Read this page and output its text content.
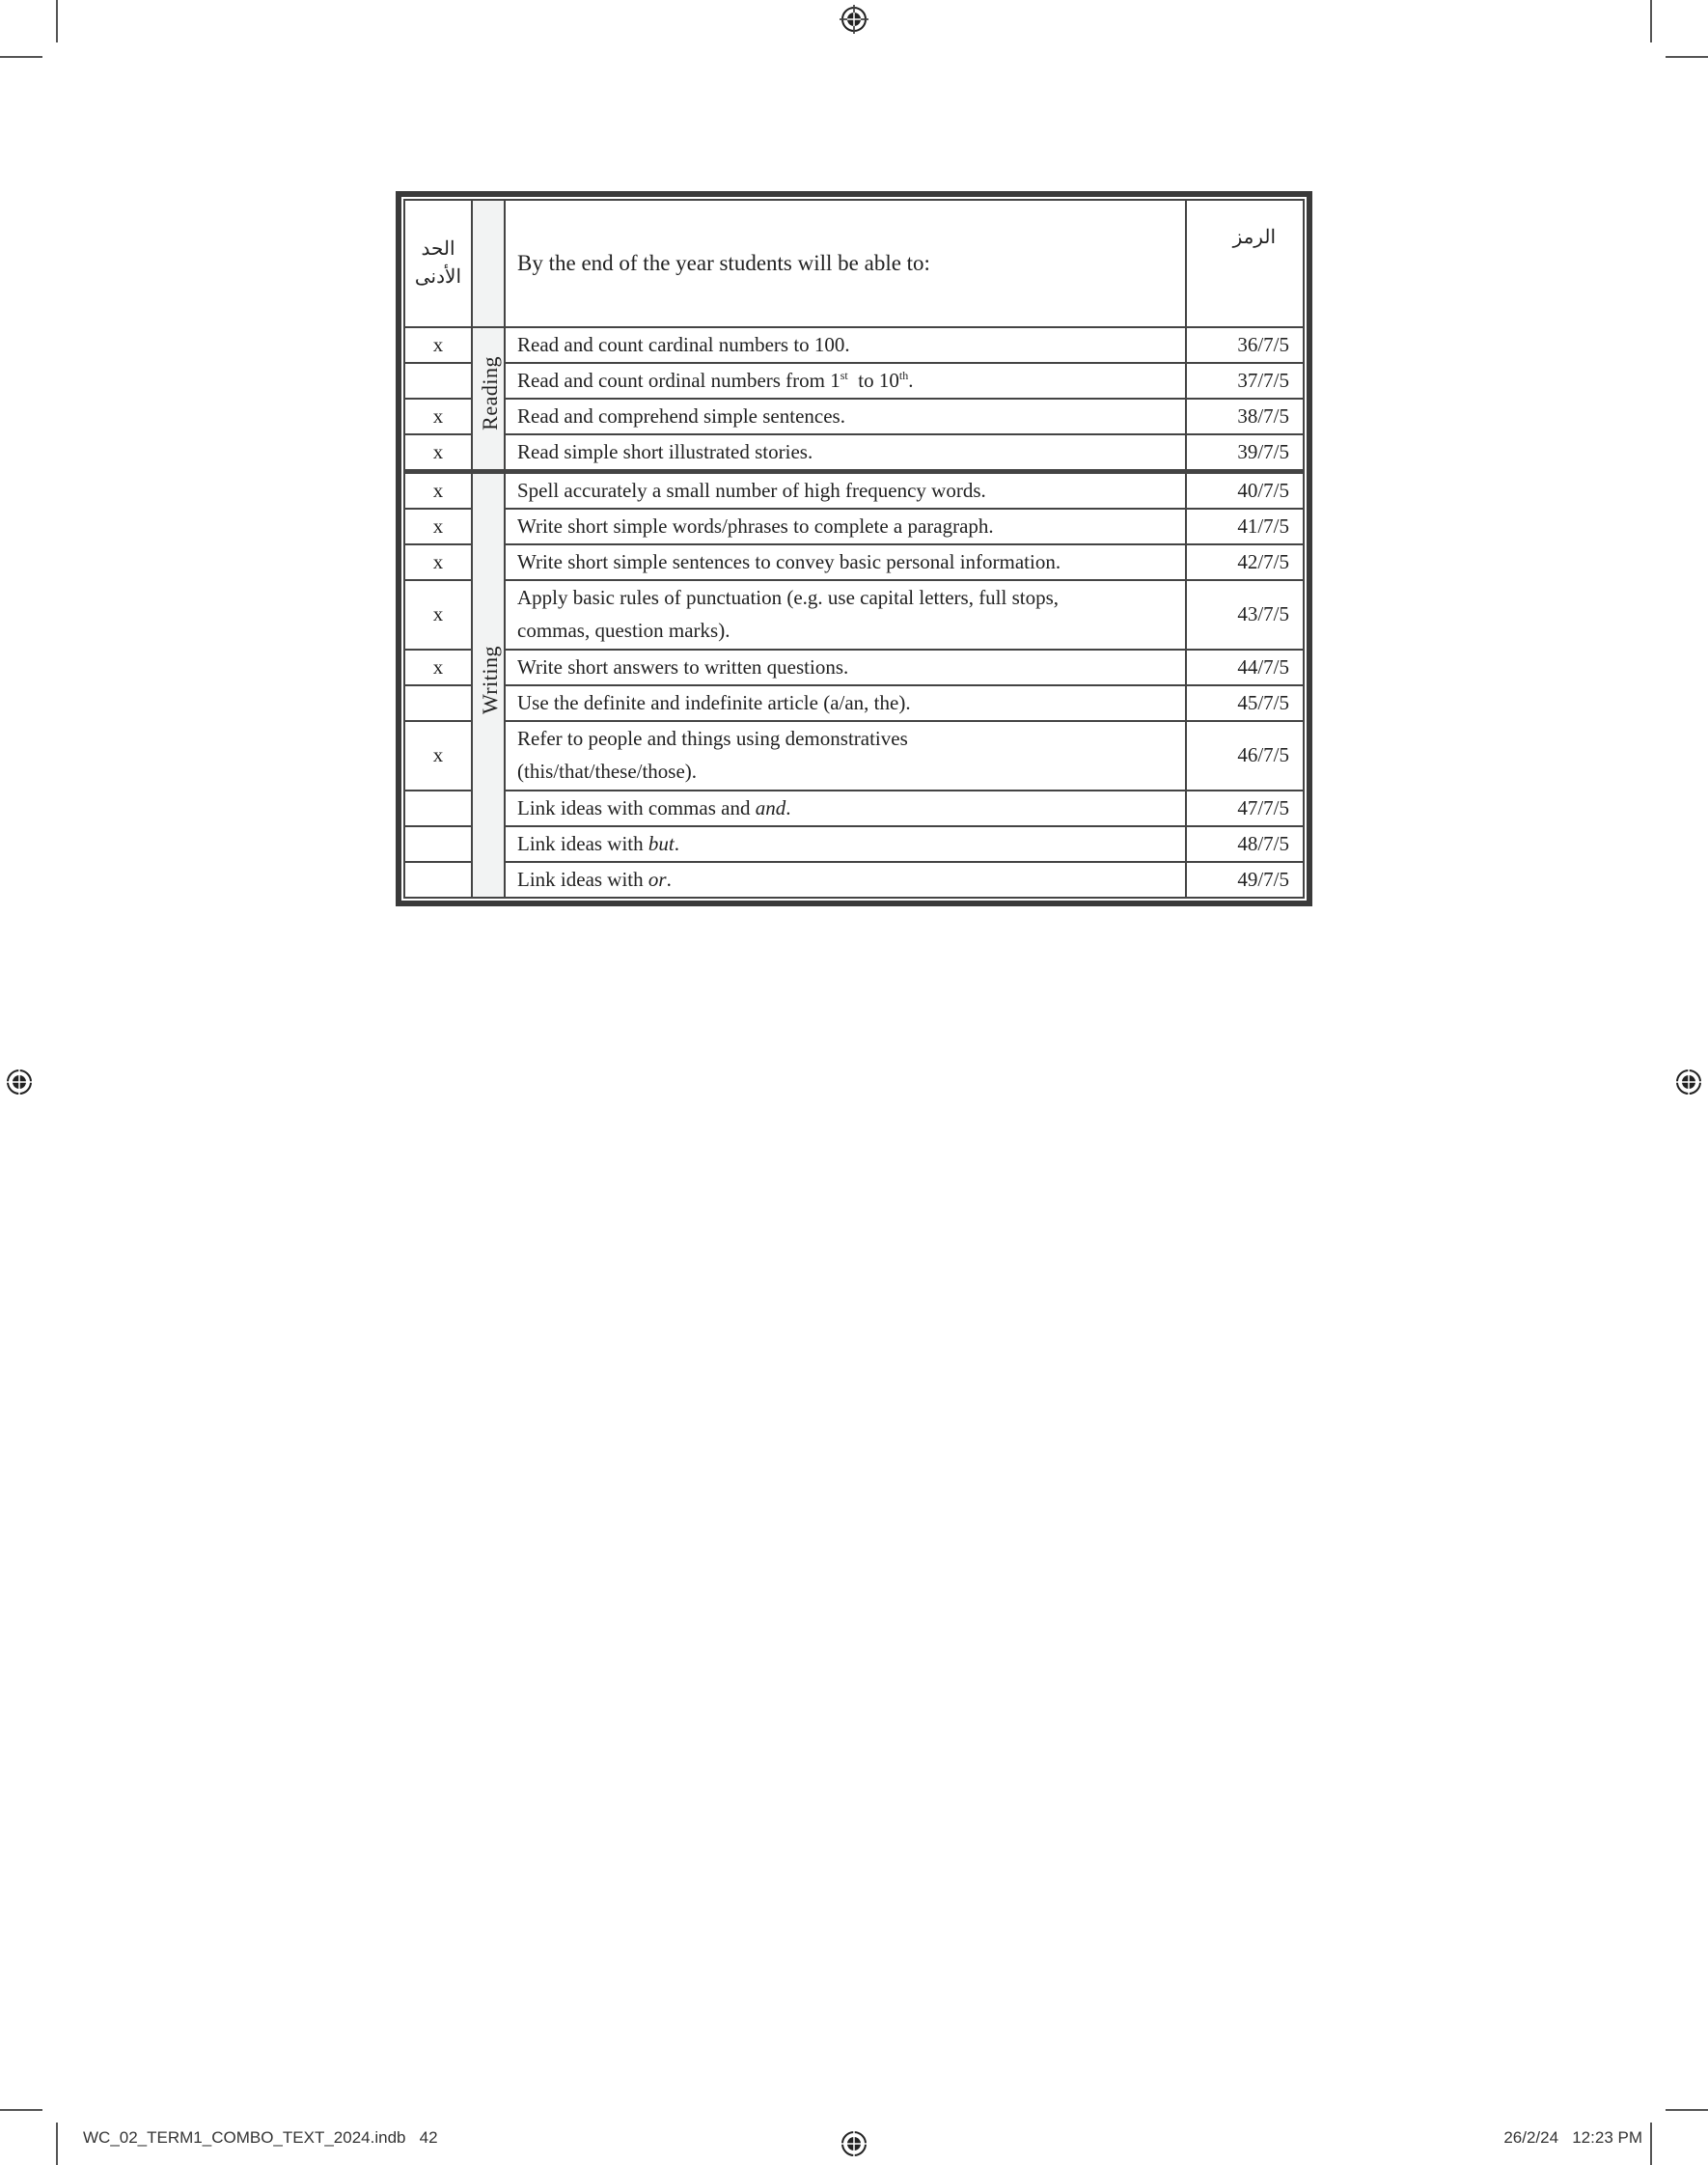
الحد
الأدنى		By the end of the year students will be able to:	الرمز
x	Reading	Read and count cardinal numbers to 100.	36/7/5
		Read and count ordinal numbers from 1st  to 10th.	37/7/5
x		Read and comprehend simple sentences.	38/7/5
x		Read simple short illustrated stories.	39/7/5
x	Writing	Spell accurately a small number of high frequency words.	40/7/5
x		Write short simple words/phrases to complete a paragraph.	41/7/5
x		Write short simple sentences to convey basic personal information.	42/7/5
x		Apply basic rules of punctuation (e.g. use capital letters, full stops,
commas, question marks).	43/7/5
x		Write short answers to written questions.	44/7/5
		Use the definite and indefinite article (a/an, the).	45/7/5
x		Refer to people and things using demonstratives
(this/that/these/those).	46/7/5
		Link ideas with commas and and.	47/7/5
		Link ideas with but.	48/7/5
		Link ideas with or.	49/7/5
WC_02_TERM1_COMBO_TEXT_2024.indb   42	26/2/24   12:23 PM
